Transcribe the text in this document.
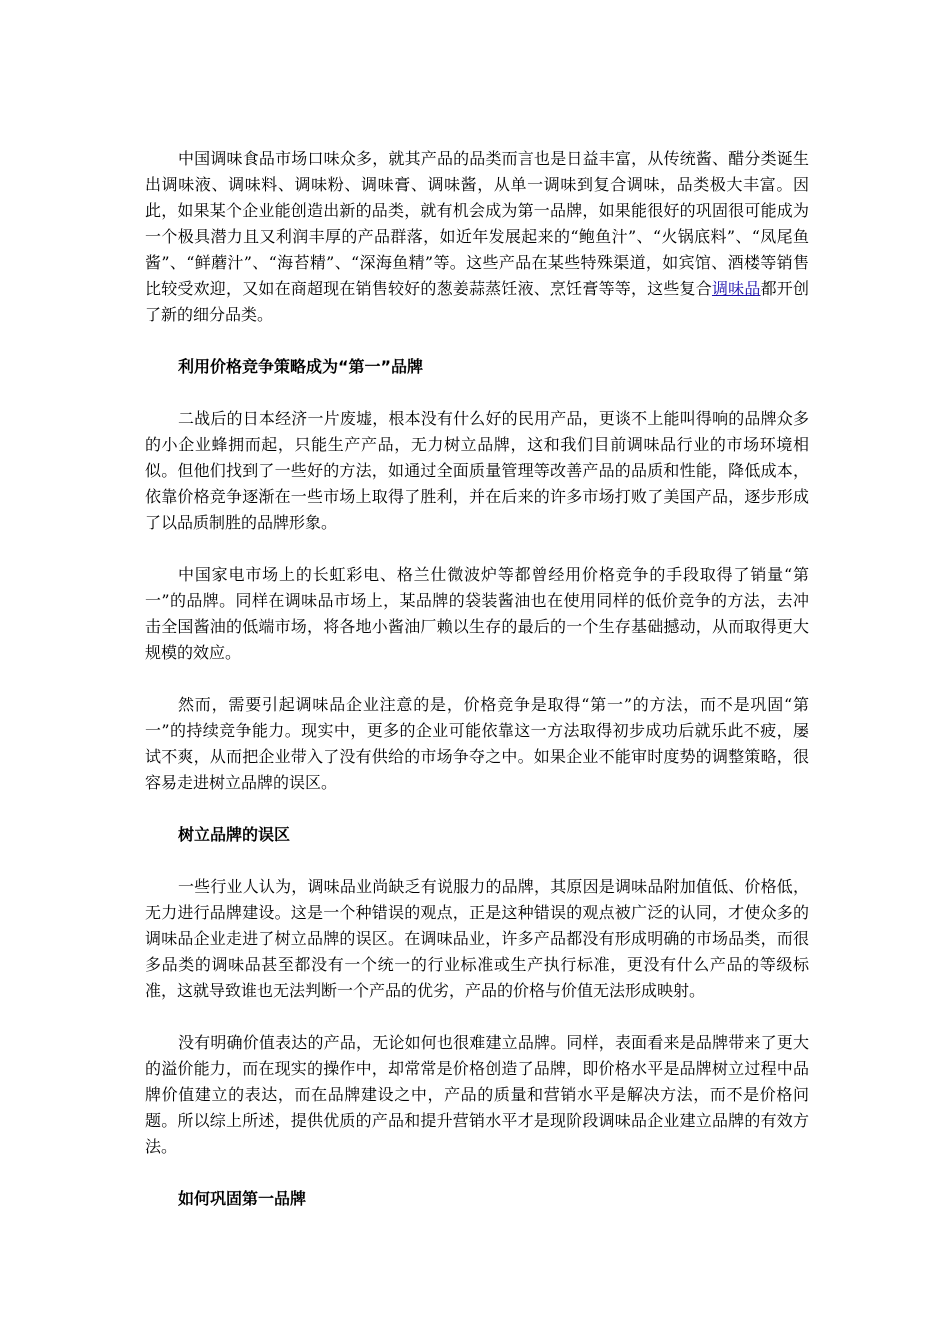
中国调味食品市场口味众多，就其产品的品类而言也是日益丰富，从传统酱、醋分类诞生出调味液、调味料、调味粉、调味膏、调味酱，从单一调味到复合调味，品类极大丰富。因此，如果某个企业能创造出新的品类，就有机会成为第一品牌，如果能很好的巩固很可能成为一个极具潜力且又利润丰厚的产品群落，如近年发展起来的“鲍鱼汁”、“火锅底料”、“凤尾鱼酱”、“鲜蘑汁”、“海苔精”、“深海鱼精”等。这些产品在某些特殊渠道，如宾馆、酒楼等销售比较受欢迎，又如在商超现在销售较好的葱姜蒜蒸饪液、烹饪膏等等，这些复合调味品都开创了新的细分品类。

利用价格竞争策略成为“第一”品牌

二战后的日本经济一片废墟，根本没有什么好的民用产品，更谈不上能叫得响的品牌众多的小企业蜂拥而起，只能生产产品，无力树立品牌，这和我们目前调味品行业的市场环境相似。但他们找到了一些好的方法，如通过全面质量管理等改善产品的品质和性能，降低成本，依靠价格竞争逐渐在一些市场上取得了胜利，并在后来的许多市场打败了美国产品，逐步形成了以品质制胜的品牌形象。

中国家电市场上的长虹彩电、格兰仕微波炉等都曾经用价格竞争的手段取得了销量“第一”的品牌。同样在调味品市场上，某品牌的袋装酱油也在使用同样的低价竞争的方法，去冲击全国酱油的低端市场，将各地小酱油厂赖以生存的最后的一个生存基础撼动，从而取得更大规模的效应。

然而，需要引起调味品企业注意的是，价格竞争是取得“第一”的方法，而不是巩固“第一”的持续竞争能力。现实中，更多的企业可能依靠这一方法取得初步成功后就乐此不疲，屡试不爽，从而把企业带入了没有供给的市场争夺之中。如果企业不能审时度势的调整策略，很容易走进树立品牌的误区。

树立品牌的误区

一些行业人认为，调味品业尚缺乏有说服力的品牌，其原因是调味品附加值低、价格低，无力进行品牌建设。这是一个种错误的观点，正是这种错误的观点被广泛的认同，才使众多的调味品企业走进了树立品牌的误区。在调味品业，许多产品都没有形成明确的市场品类，而很多品类的调味品甚至都没有一个统一的行业标准或生产执行标准，更没有什么产品的等级标准，这就导致谁也无法判断一个产品的优劣，产品的价格与价值无法形成映射。

没有明确价值表达的产品，无论如何也很难建立品牌。同样，表面看来是品牌带来了更大的溢价能力，而在现实的操作中，却常常是价格创造了品牌，即价格水平是品牌树立过程中品牌价值建立的表达，而在品牌建设之中，产品的质量和营销水平是解决方法，而不是价格问题。所以综上所述，提供优质的产品和提升营销水平才是现阶段调味品企业建立品牌的有效方法。

如何巩固第一品牌
